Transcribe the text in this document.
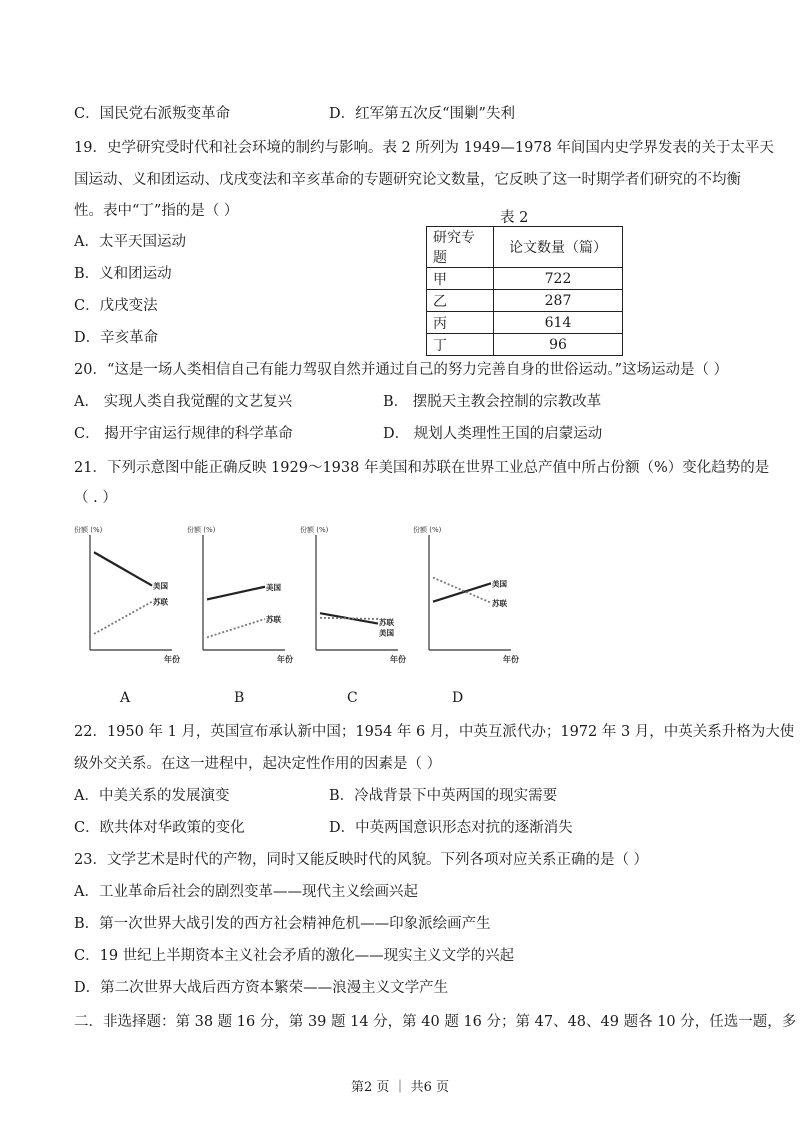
C．国民党右派叛变革命	D．红军第五次反“围剿”失利
19．史学研究受时代和社会环境的制约与影响。表 2 所列为 1949—1978 年间国内史学界发表的关于太平天
国运动、义和团运动、戊戌变法和辛亥革命的专题研究论文数量，它反映了这一时期学者们研究的不均衡
性。表中“丁”指的是（ ）
A．太平天国运动
B．义和团运动
C．戊戌变法
D．辛亥革命
表 2
研究专题	论文数量（篇）
甲	722
乙	287
丙	614
丁	96
20．“这是一场人类相信自己有能力驾驭自然并通过自己的努力完善自身的世俗运动。”这场运动是（ ）
A． 实现人类自我觉醒的文艺复兴	B． 摆脱天主教会控制的宗教改革
C． 揭开宇宙运行规律的科学革命	D． 规划人类理性王国的启蒙运动
21．下列示意图中能正确反映 1929～1938 年美国和苏联在世界工业总产值中所占份额（%）变化趋势的是
（ . ）
份额 (%)
年份
美国
苏联
份额 (%)
年份
美国
苏联
份额 (%)
年份
美国
苏联
份额 (%)
年份
美国
苏联
A	B	C	D
22．1950 年 1 月，英国宣布承认新中国；1954 年 6 月，中英互派代办；1972 年 3 月，中英关系升格为大使
级外交关系。在这一进程中，起决定性作用的因素是（ ）
A．中美关系的发展演变	B．冷战背景下中英两国的现实需要
C．欧共体对华政策的变化	D．中英两国意识形态对抗的逐渐消失
23．文学艺术是时代的产物，同时又能反映时代的风貌。下列各项对应关系正确的是（ ）
A．工业革命后社会的剧烈变革——现代主义绘画兴起
B．第一次世界大战引发的西方社会精神危机——印象派绘画产生
C．19 世纪上半期资本主义社会矛盾的激化——现实主义文学的兴起
D．第二次世界大战后西方资本繁荣——浪漫主义文学产生
二．非选择题：第 38 题 16 分，第 39 题 14 分，第 40 题 16 分；第 47、48、49 题各 10 分，任选一题，多
第2 页 ｜ 共6 页
